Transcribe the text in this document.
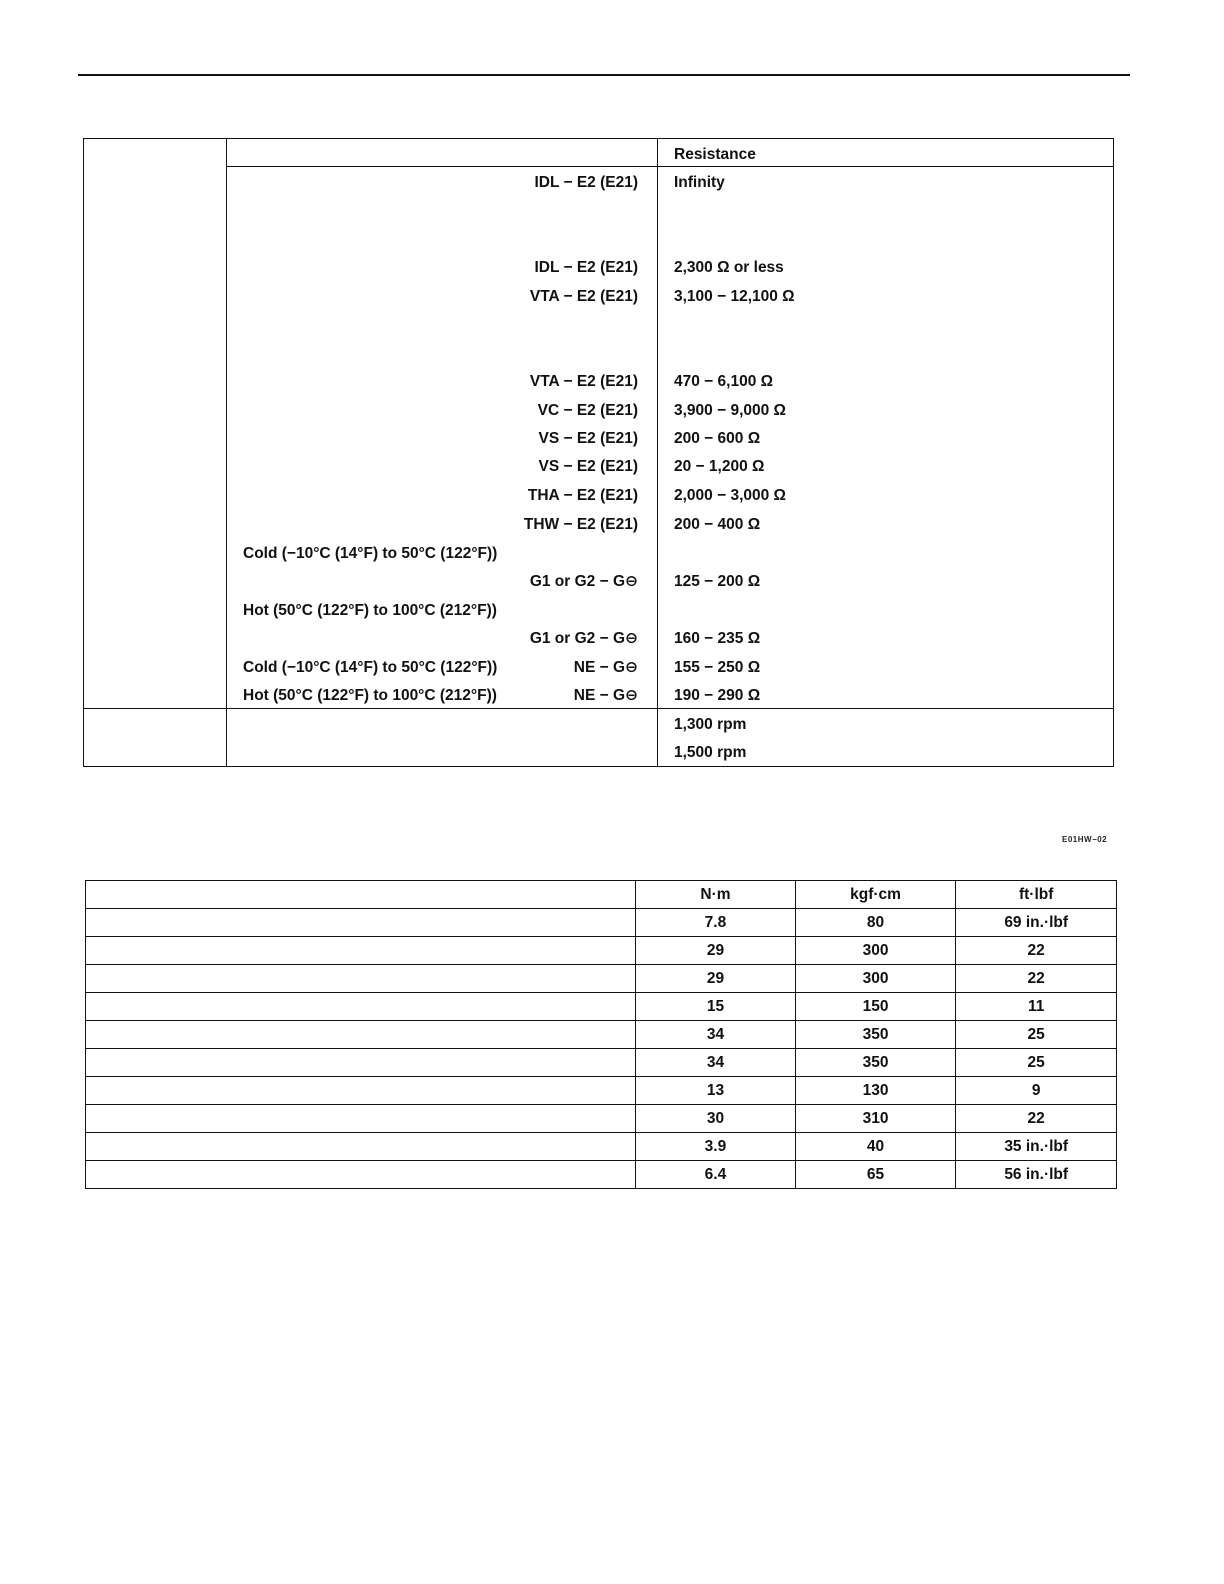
Resistance
IDL − E2 (E21) Infinity
IDL − E2 (E21) 2,300 Ω or less
VTA − E2 (E21) 3,100 − 12,100 Ω
VTA − E2 (E21) 470 − 6,100 Ω
VC − E2 (E21) 3,900 − 9,000 Ω
VS − E2 (E21) 200 − 600 Ω
VS − E2 (E21) 20 − 1,200 Ω
THA − E2 (E21) 2,000 − 3,000 Ω
THW − E2 (E21) 200 − 400 Ω
Cold (−10°C (14°F) to 50°C (122°F))
G1 or G2 − G⊖ 125 − 200 Ω
Hot (50°C (122°F) to 100°C (212°F))
G1 or G2 − G⊖ 160 − 235 Ω
Cold (−10°C (14°F) to 50°C (122°F))	NE − G⊖ 155 − 250 Ω
Hot (50°C (122°F) to 100°C (212°F))	NE − G⊖ 190 − 290 Ω
1,300 rpm
1,500 rpm
E01HW−02
	N·m	kgf·cm	ft·lbf
	7.8	80	69 in.·lbf
	29	300	22
	29	300	22
	15	150	11
	34	350	25
	34	350	25
	13	130	9
	30	310	22
	3.9	40	35 in.·lbf
	6.4	65	56 in.·lbf
